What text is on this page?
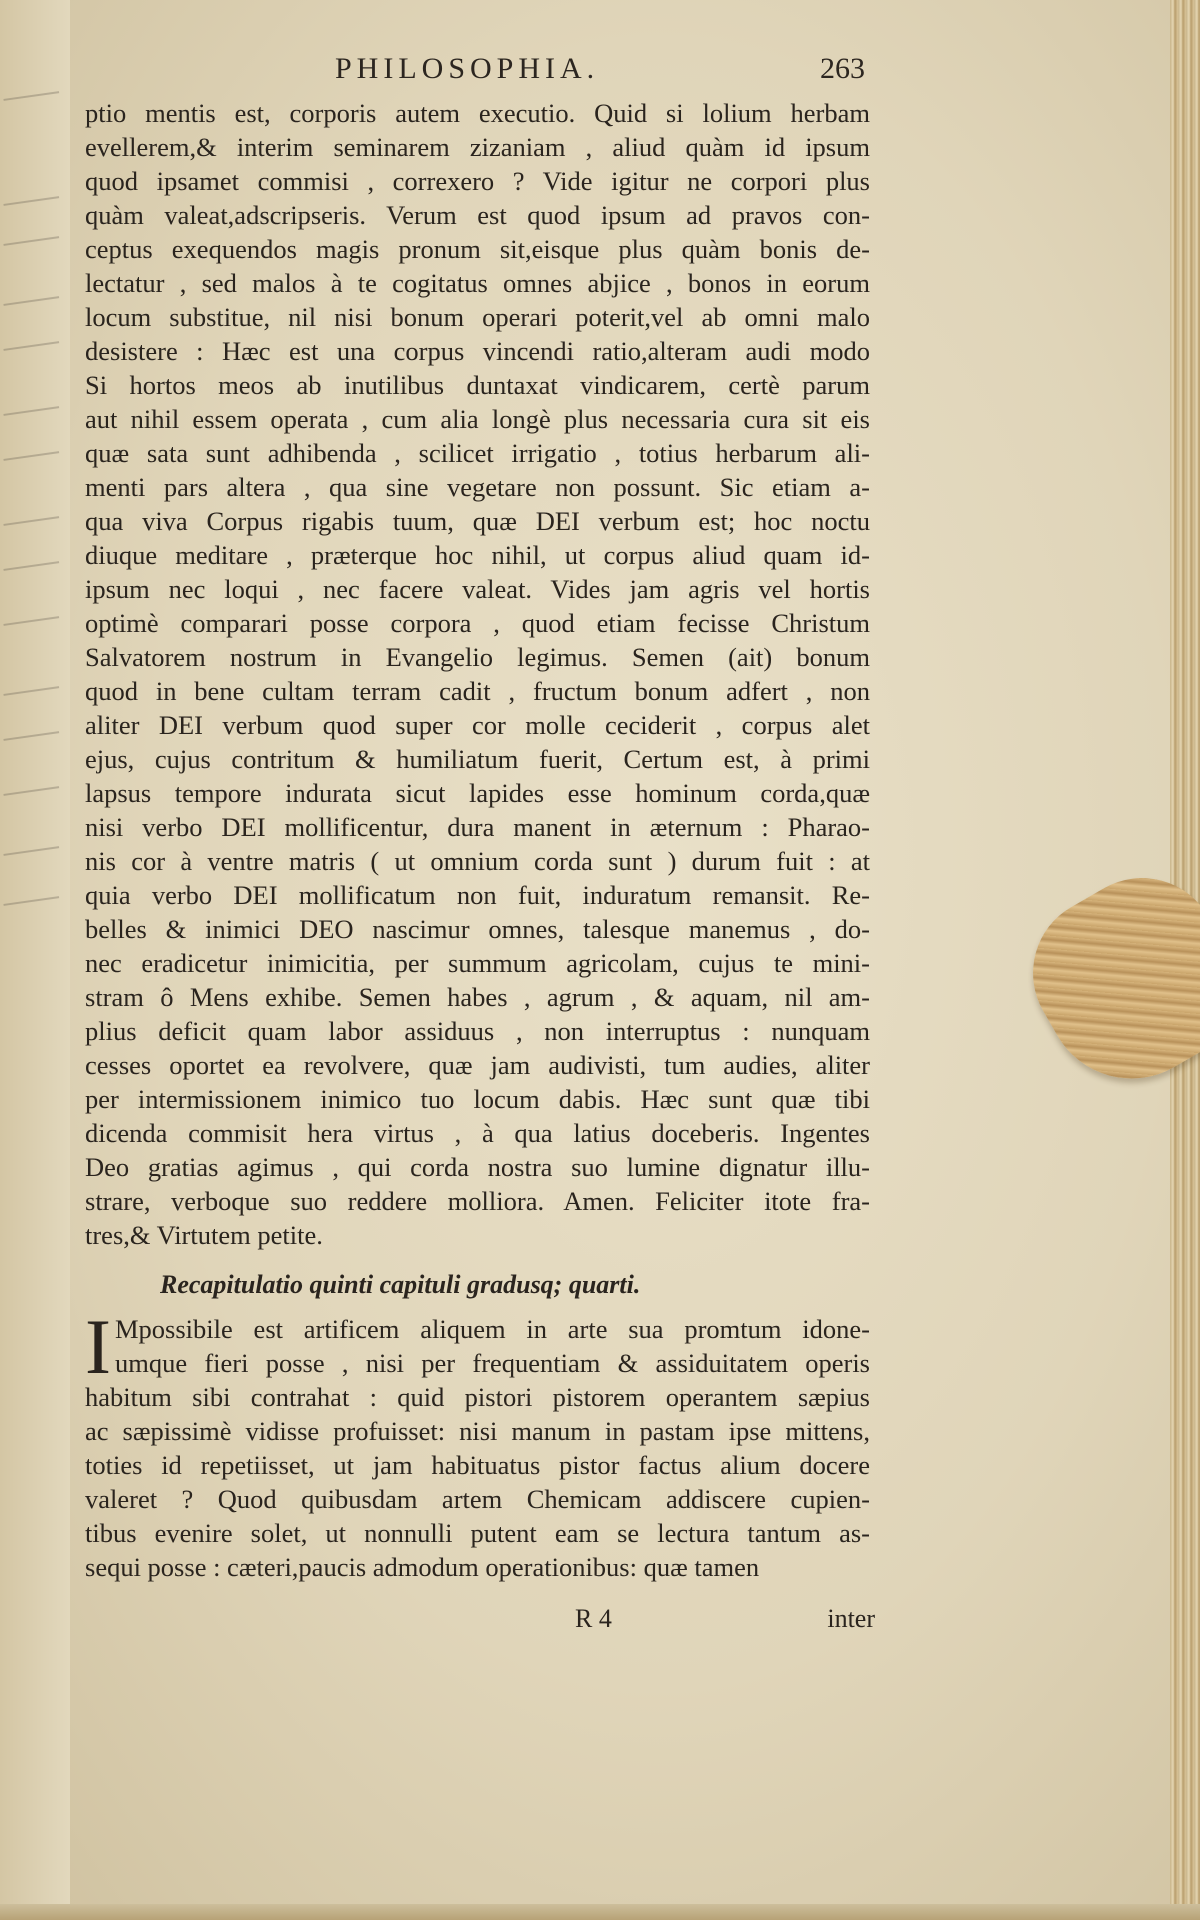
PHILOSOPHIA.	263
ptio mentis est, corporis autem executio. Quid si lolium herbam
evellerem,& interim seminarem zizaniam , aliud quàm id ipsum
quod ipsamet commisi , correxero ? Vide igitur ne corpori plus
quàm valeat,adscripseris. Verum est quod ipsum ad pravos con-
ceptus exequendos magis pronum sit,eisque plus quàm bonis de-
lectatur , sed malos à te cogitatus omnes abjice , bonos in eorum
locum substitue, nil nisi bonum operari poterit,vel ab omni malo
desistere : Hæc est una corpus vincendi ratio,alteram audi modo
Si hortos meos ab inutilibus duntaxat vindicarem, certè parum
aut nihil essem operata , cum alia longè plus necessaria cura sit eis
quæ sata sunt adhibenda , scilicet irrigatio , totius herbarum ali-
menti pars altera , qua sine vegetare non possunt. Sic etiam a-
qua viva Corpus rigabis tuum, quæ DEI verbum est; hoc noctu
diuque meditare , præterque hoc nihil, ut corpus aliud quam id-
ipsum nec loqui , nec facere valeat. Vides jam agris vel hortis
optimè comparari posse corpora , quod etiam fecisse Christum
Salvatorem nostrum in Evangelio legimus. Semen (ait) bonum
quod in bene cultam terram cadit , fructum bonum adfert , non
aliter DEI verbum quod super cor molle ceciderit , corpus alet
ejus, cujus contritum & humiliatum fuerit, Certum est, à primi
lapsus tempore indurata sicut lapides esse hominum corda,quæ
nisi verbo DEI mollificentur, dura manent in æternum : Pharao-
nis cor à ventre matris ( ut omnium corda sunt ) durum fuit : at
quia verbo DEI mollificatum non fuit, induratum remansit. Re-
belles & inimici DEO nascimur omnes, talesque manemus , do-
nec eradicetur inimicitia, per summum agricolam, cujus te mini-
stram ô Mens exhibe. Semen habes , agrum , & aquam, nil am-
plius deficit quam labor assiduus , non interruptus : nunquam
cesses oportet ea revolvere, quæ jam audivisti, tum audies, aliter
per intermissionem inimico tuo locum dabis. Hæc sunt quæ tibi
dicenda commisit hera virtus , à qua latius doceberis. Ingentes
Deo gratias agimus , qui corda nostra suo lumine dignatur illu-
strare, verboque suo reddere molliora. Amen. Feliciter itote fra-
tres,& Virtutem petite.
Recapitulatio quinti capituli gradusq; quarti.
I Mpossibile est artificem aliquem in arte sua promtum idone-
umque fieri posse , nisi per frequentiam & assiduitatem operis
habitum sibi contrahat : quid pistori pistorem operantem sæpius
ac sæpissimè vidisse profuisset: nisi manum in pastam ipse mittens,
toties id repetiisset, ut jam habituatus pistor factus alium docere
valeret ? Quod quibusdam artem Chemicam addiscere cupien-
tibus evenire solet, ut nonnulli putent eam se lectura tantum as-
sequi posse : cæteri,paucis admodum operationibus: quæ tamen
R 4	inter
